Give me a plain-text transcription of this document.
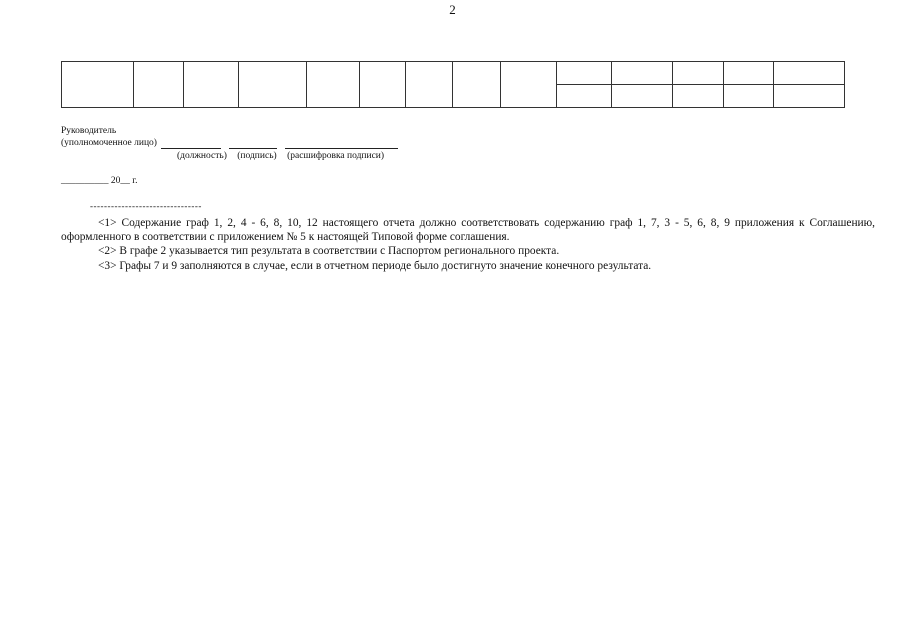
2

Руководитель
(уполномоченное лицо)
(должность) (подпись) (расшифровка подписи)
__________ 20__ г.
--------------------------------

<1> Содержание граф 1, 2, 4 - 6, 8, 10, 12 настоящего отчета должно соответствовать содержанию граф 1, 7, 3 - 5, 6, 8, 9 приложения к Соглашению, оформленного в соответствии с приложением № 5 к настоящей Типовой форме соглашения.

<2> В графе 2 указывается тип результата в соответствии с Паспортом регионального проекта.

<3> Графы 7 и 9 заполняются в случае, если в отчетном периоде было достигнуто значение конечного результата.
